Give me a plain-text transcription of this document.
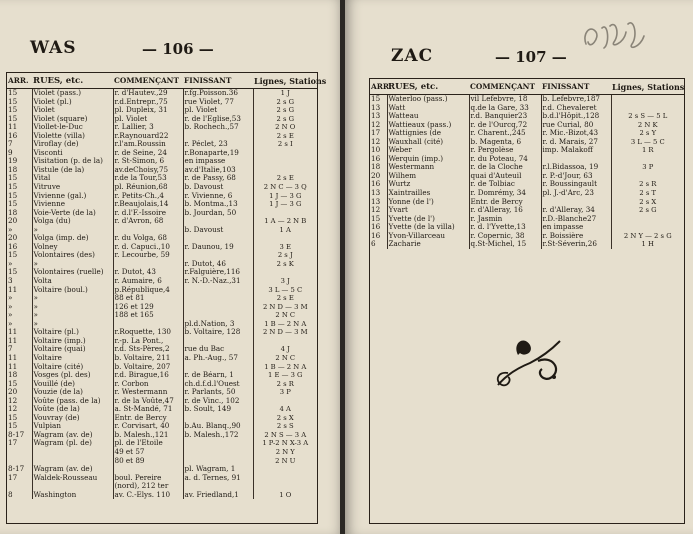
WAS	— 106 —
ARR.	RUES, etc.	COMMENÇANT	FINISSANT	Lignes, Stations
15	Violet (pass.)	r. d'Hautev.,29	r.fg.Poisson.36	1 J
15	Violet (pl.)	r.d.Entrepr.,75	rue Violet, 77	2 s G
15	Violet	pl. Dupleix, 31	pl. Violet	2 s G
15	Violet (square)	pl. Violet	r. de l'Eglise,53	2 s G
11	Viollet-le-Duc	r. Lallier, 3	b. Rochech.,57	2 N O
16	Violette (villa)	r.Raynouard22		2 s E
7	Viroflay (de)	r.l'am.Roussin	r. Péclet, 23	2 s I
9	Visconti	r. de Seine, 24	r.Bonaparte,19	
19	Visitation (p. de la)	r. St-Simon, 6	en impasse	
18	Vistule (de la)	av.deChoisy,75	av.d'Italie,103	
15	Vital	r.de la Tour,53	r. de Passy, 68	2 s E
15	Vitruve	pl. Réunion,68	b. Davoust	2 N C — 3 Q
15	Vivienne (gal.)	r. Petits-Ch.,4	r. Vivienne, 6	1 J — 3 G
15	Vivienne	r.Beaujolais,14	b. Montma.,13	1 J — 3 G
18	Voie-Verte (de la)	r. d.l'F.-Issoire	b. Jourdan, 50	
20	Volga (du)	r. d'Avron, 68		1 A — 2 N B
»	»		b. Davoust	1 A
20	Volga (imp. de)	r. du Volga, 68		
16	Volney	r. d. Capuci.,10	r. Daunou, 19	3 E
15	Volontaires (des)	r. Lecourbe, 59		2 s J
»	»		r. Dutot, 46	2 s K
15	Volontaires (ruelle)	r. Dutot, 43	r.Falguière,116	
3	Volta	r. Aumaire, 6	r. N.-D.-Naz.,31	3 J
11	Voltaire (boul.)	p.République,4		3 L — 5 C
»	»	88 et 81		2 s E
»	»	126 et 129		2 N D — 3 M
»	»	188 et 165		2 N C
»	»		pl.d.Nation, 3	1 B — 2 N A
11	Voltaire (pl.)	r.Roquette, 130	b. Voltaire, 128	2 N D — 3 M
11	Voltaire (imp.)	r.-p. La Pont.,		
7	Voltaire (quai)	r.d. Sts-Pères,2	rue du Bac	4 J
11	Voltaire	b. Voltaire, 211	a. Ph.-Aug., 57	2 N C
11	Voltaire (cité)	b. Voltaire, 207		1 B — 2 N A
18	Vosges (pl. des)	r.d. Birague,16	r. de Béarn, 1	1 E — 3 G
15	Vouillé (de)	r. Corbon	ch.d.f.d.l'Ouest	2 s R
20	Vouzie (de la)	r. Westermann	r. Parlants, 50	3 P
12	Voûte (pass. de la)	r. de la Voûte,47	r. de Vinc., 102	
12	Voûte (de la)	a. St-Mandé, 71	b. Soult, 149	4 A
15	Vouvray (de)	Entr. de Bercy		2 s X
15	Vulpian	r. Corvisart, 40	b.Au. Blanq.,90	2 s S
8-17	Wagram (av. de)	b. Malesh.,121	b. Malesh.,172	2 N S — 3 A
17	Wagram (pl. de)	pl. de l'Etoile		1 P-2 N X-3 A
		49 et 57		2 N Y
		80 et 89		2 N U
8-17	Wagram (av. de)		pl. Wagram, 1	
17	Waldek-Rousseau	boul. Pereire	a. d. Ternes, 91	
		(nord), 212 ter		
8	Washington	av. C.-Elys. 110	av. Friedland,1	1 O
ZAC	— 107 —
ARR.	RUES, etc.	COMMENÇANT	FINISSANT	Lignes, Stations
15	Waterloo (pass.)	vil Lefebvre, 18	b. Lefebvre,187	
13	Watt	q.de la Gare, 33	r.d. Chevaleret	
13	Watteau	r.d. Banquier23	b.d.l'Hôpit.,128	2 s S — 5 L
12	Wattieaux (pass.)	r. de l'Ourcq,72	rue Curial, 80	2 N K
17	Wattignies (de	r. Charent.,245	r. Mic.-Bizot,43	2 s Y
12	Wauxhall (cité)	b. Magenta, 6	r. d. Marais, 27	3 L — 5 C
10	Weber	r. Pergolèse	imp. Malakoff	1 R
16	Werquin (imp.)	r. du Poteau, 74		
18	Westermann	r. de la Cloche	r.l.Bidassoa, 19	3 P
20	Wilhem	quai d'Auteuil	r. P.-d'Jour, 63	
16	Wurtz	r. de Tolbiac	r. Boussingault	2 s R
13	Xaintrailles	r. Domrémy, 34	pl. J.-d'Arc, 23	2 s T
13	Yonne (de l')	Entr. de Bercy		2 s X
12	Yvart	r. d'Alleray, 16	r. d'Alleray, 34	2 s G
15	Yvette (de l')	r. Jasmin	r.D.-Blanche27	
16	Yvette (de la villa)	r. d. l'Yvette,13	en impasse	
16	Yvon-Villarceau	r. Copernic, 38	r. Boissière	2 N Y — 2 s G
6	Zacharie	q.St-Michel, 15	r.St-Séverin,26	1 H
